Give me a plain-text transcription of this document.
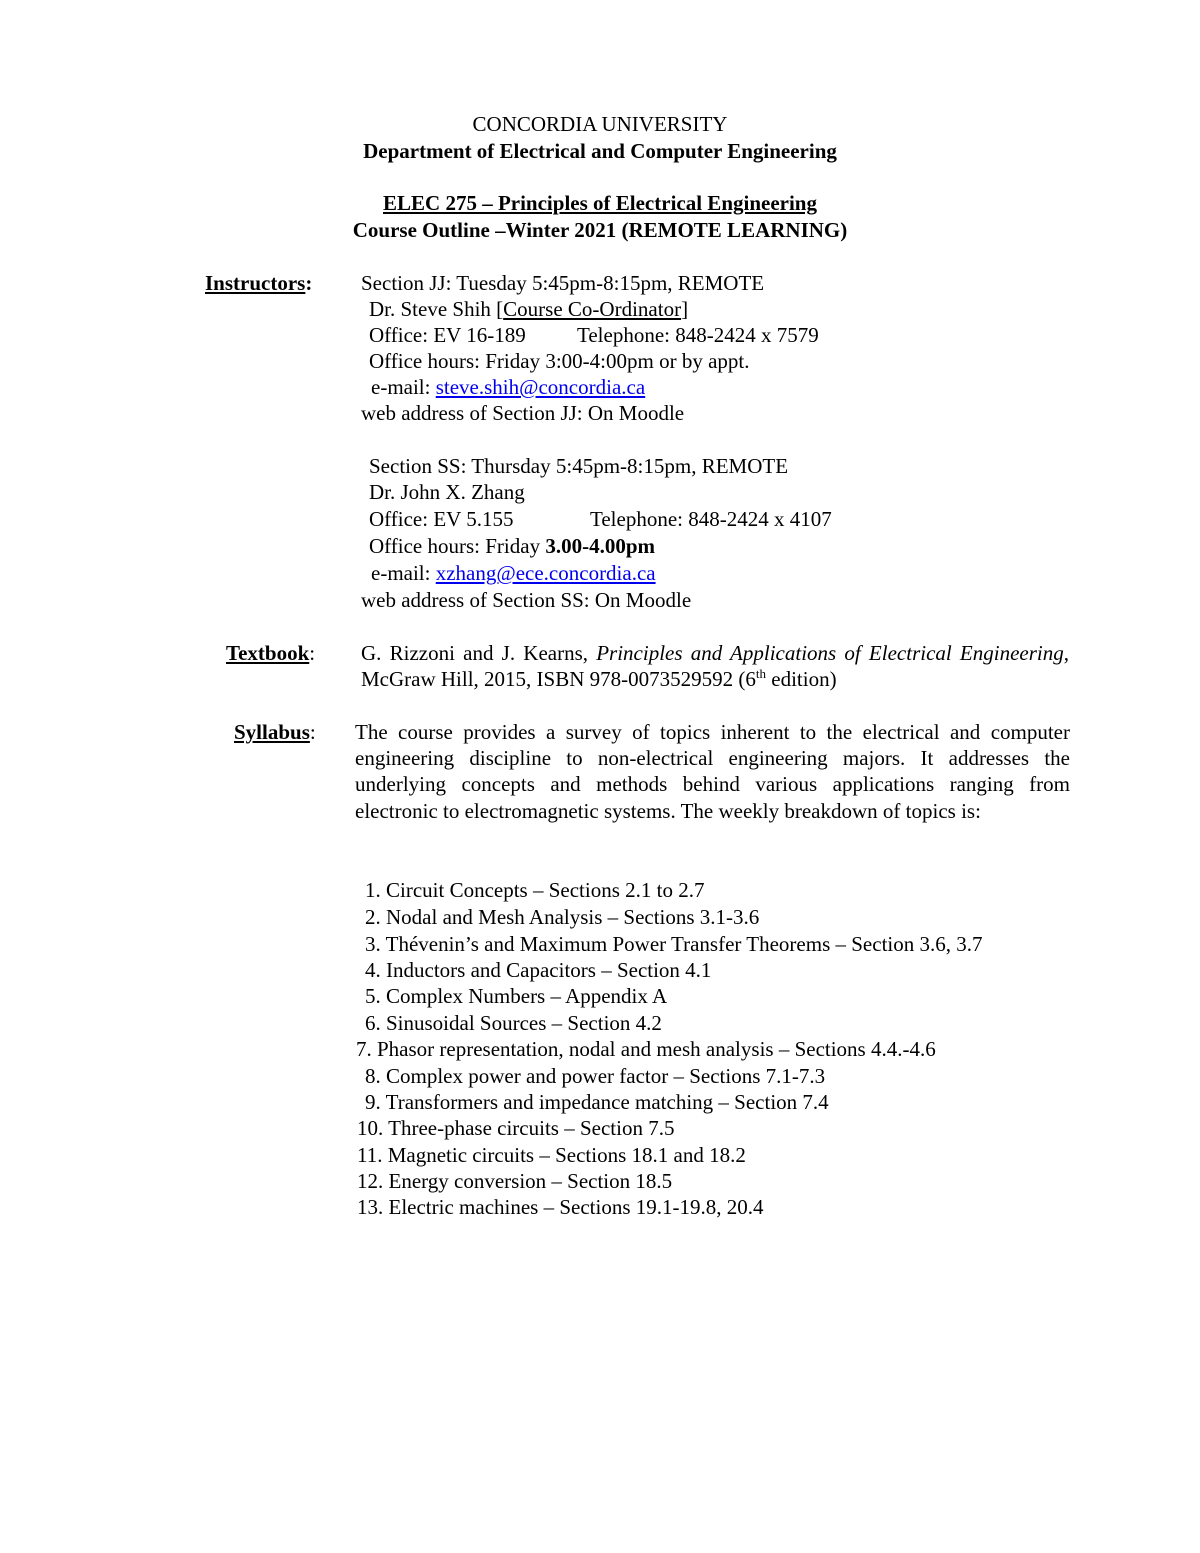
CONCORDIA UNIVERSITY
Department of Electrical and Computer Engineering
ELEC 275 – Principles of Electrical Engineering
Course Outline –Winter 2021 (REMOTE LEARNING)
Instructors: Section JJ: Tuesday 5:45pm-8:15pm, REMOTE
Dr. Steve Shih [Course Co-Ordinator]
Office: EV 16-189 Telephone: 848-2424 x 7579
Office hours: Friday 3:00-4:00pm or by appt.
e-mail: steve.shih@concordia.ca
web address of Section JJ: On Moodle
Section SS: Thursday 5:45pm-8:15pm, REMOTE
Dr. John X. Zhang
Office: EV 5.155	Telephone: 848-2424 x 4107
Office hours: Friday 3.00-4.00pm
e-mail: xzhang@ece.concordia.ca
web address of Section SS: On Moodle
Textbook: G. Rizzoni and J. Kearns, Principles and Applications of Electrical Engineering, McGraw Hill, 2015, ISBN 978-0073529592 (6th edition)
Syllabus: The course provides a survey of topics inherent to the electrical and computer engineering discipline to non-electrical engineering majors. It addresses the underlying concepts and methods behind various applications ranging from electronic to electromagnetic systems. The weekly breakdown of topics is:
1. Circuit Concepts – Sections 2.1 to 2.7
2. Nodal and Mesh Analysis – Sections 3.1-3.6
3. Thévenin’s and Maximum Power Transfer Theorems – Section 3.6, 3.7
4. Inductors and Capacitors – Section 4.1
5. Complex Numbers – Appendix A
6. Sinusoidal Sources – Section 4.2
7. Phasor representation, nodal and mesh analysis – Sections 4.4.-4.6
8. Complex power and power factor – Sections 7.1-7.3
9. Transformers and impedance matching – Section 7.4
10. Three-phase circuits – Section 7.5
11. Magnetic circuits – Sections 18.1 and 18.2
12. Energy conversion – Section 18.5
13. Electric machines – Sections 19.1-19.8, 20.4
